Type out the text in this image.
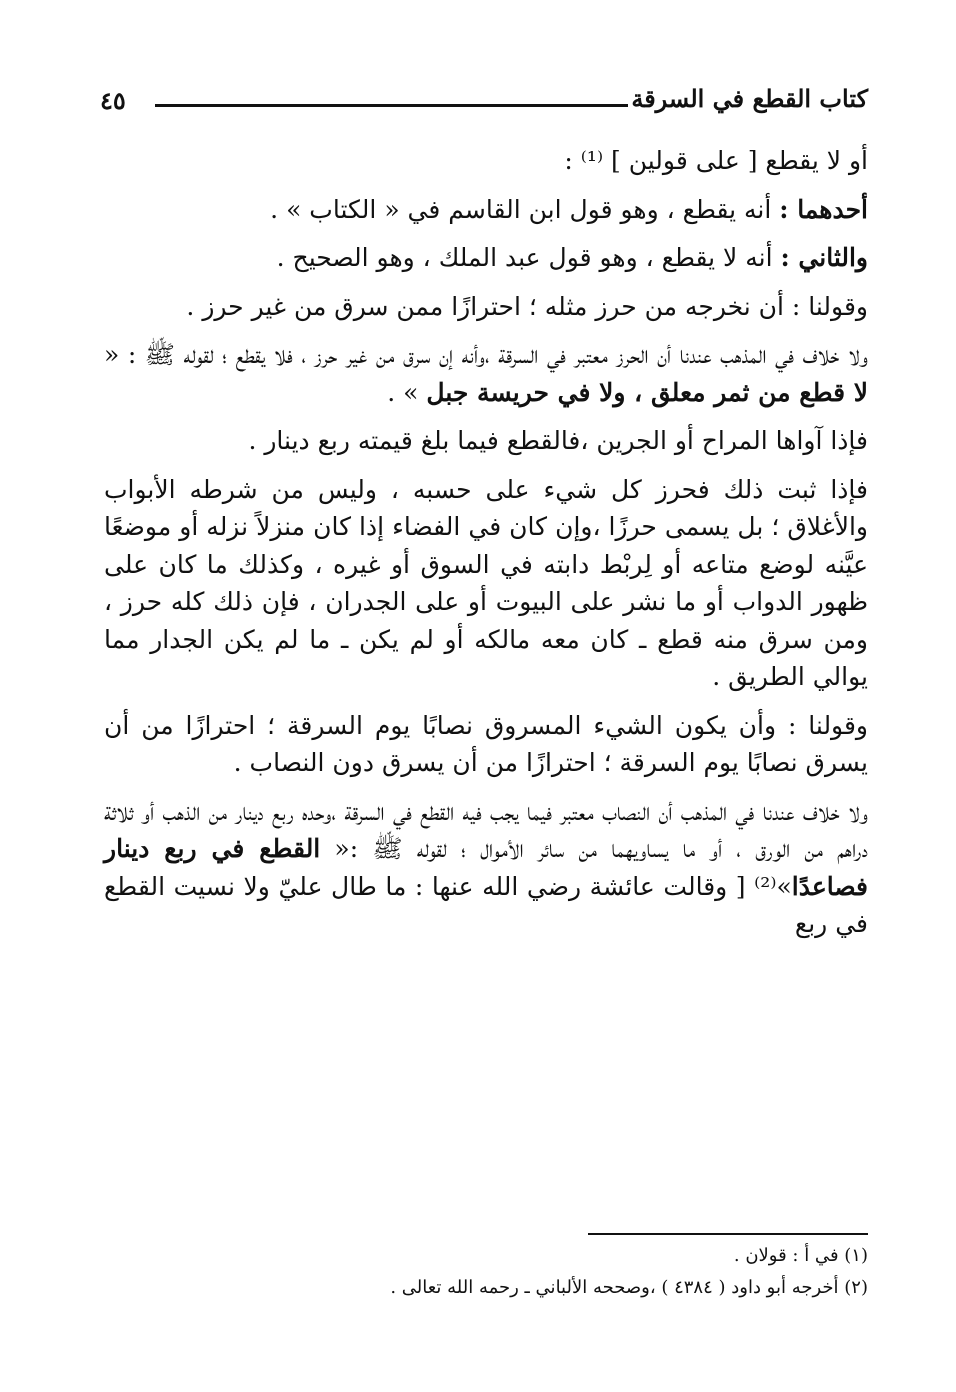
كتاب القطع في السرقة
٤٥

أو لا يقطع [ على قولين ] ⁽¹⁾ :

أحدهما : أنه يقطع ، وهو قول ابن القاسم في « الكتاب » .

والثاني : أنه لا يقطع ، وهو قول عبد الملك ، وهو الصحيح .

وقولنا : أن نخرجه من حرز مثله ؛ احترازًا ممن سرق من غير حرز .

ولا خلاف في المذهب عندنا أن الحرز معتبر في السرقة ،وأنه إن سرق من غير حرز ، فلا يقطع ؛ لقوله ﷺ : « لا قطع من ثمر معلق ، ولا في حريسة جبل » .

فإذا آواها المراح أو الجرين ،فالقطع فيما بلغ قيمته ربع دينار .

فإذا ثبت ذلك فحرز كل شيء على حسبه ، وليس من شرطه الأبواب والأغلاق ؛ بل يسمى حرزًا ،وإن كان في الفضاء إذا كان منزلاً نزله أو موضعًا عيَّنه لوضع متاعه أو لِربْط دابته في السوق أو غيره ، وكذلك ما كان على ظهور الدواب أو ما نشر على البيوت أو على الجدران ، فإن ذلك كله حرز ، ومن سرق منه قطع ـ كان معه مالكه أو لم يكن ـ ما لم يكن الجدار مما يوالي الطريق .

وقولنا : وأن يكون الشيء المسروق نصابًا يوم السرقة ؛ احترازًا من أن يسرق نصابًا يوم السرقة ؛ احترازًا من أن يسرق دون النصاب .

ولا خلاف عندنا في المذهب أن النصاب معتبر فيما يجب فيه القطع في السرقة ،وحده ربع دينار من الذهب أو ثلاثة دراهم من الورق ، أو ما يساويهما من سائر الأموال ؛ لقوله ﷺ :« القطع في ربع دينار فصاعدًا»⁽²⁾ [ وقالت عائشة رضي الله عنها : ما طال عليّ ولا نسيت القطع في ربع

(١) في أ : قولان .

(٢) أخرجه أبو داود ( ٤٣٨٤ ) ،وصححه الألباني ـ رحمه الله تعالى .
